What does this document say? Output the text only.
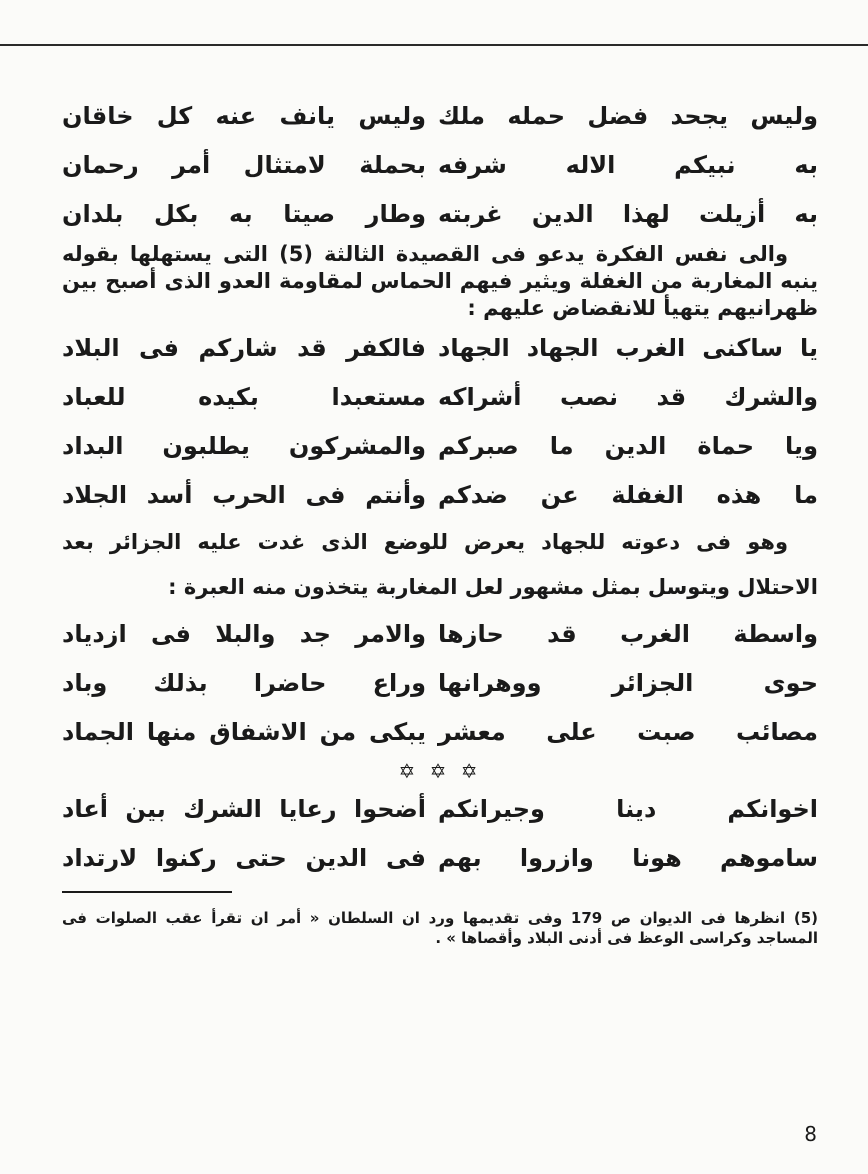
وليس يجحد فضل حمله ملك
وليس يانف عنه كل خاقان
به نبيكم الاله شرفه
بحملة لامتثال أمر رحمان
به أزيلت لهذا الدين غربته
وطار صيتا به بكل بلدان

والى نفس الفكرة يدعو فى القصيدة الثالثة (5) التى يستهلها بقوله ينبه المغاربة من الغفلة ويثير فيهم الحماس لمقاومة العدو الذى أصبح بين ظهرانيهم يتهيأ للانقضاض عليهم :

يا ساكنى الغرب الجهاد الجهاد
فالكفر قد شاركم فى البلاد
والشرك قد نصب أشراكه
مستعبدا بكيده للعباد
ويا حماة الدين ما صبركم
والمشركون يطلبون البداد
ما هذه الغفلة عن ضدكم
وأنتم فى الحرب أسد الجلاد

وهو فى دعوته للجهاد يعرض للوضع الذى غدت عليه الجزائر بعد الاحتلال ويتوسل بمثل مشهور لعل المغاربة يتخذون منه العبرة :

واسطة الغرب قد حازها
والامر جد والبلا فى ازدياد
حوى الجزائر ووهرانها
وراع حاضرا بذلك وباد
مصائب صبت على معشر
يبكى من الاشفاق منها الجماد
✡ ✡ ✡
اخوانكم دينا وجيرانكم
أضحوا رعايا الشرك بين أعاد
ساموهم هونا وازروا بهم
فى الدين حتى ركنوا لارتداد

(5) انظرها فى الديوان ص 179 وفى تقديمها ورد ان السلطان « أمر ان تقرأ عقب الصلوات فى المساجد وكراسى الوعظ فى أدنى البلاد وأقصاها » .

8
